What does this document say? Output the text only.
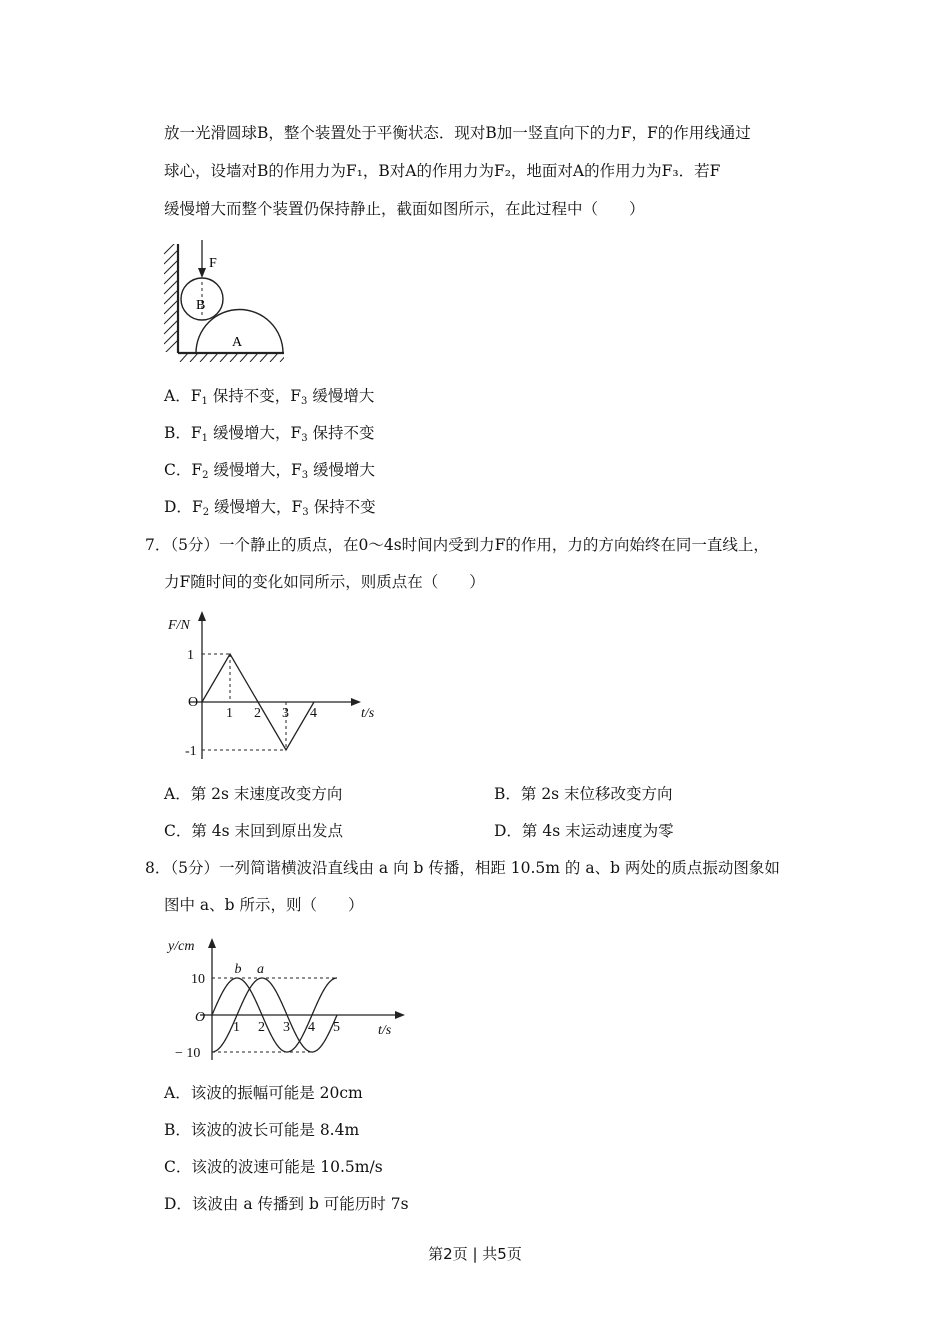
放一光滑圆球B，整个装置处于平衡状态．现对B加一竖直向下的力F，F的作用线通过
球心，设墙对B的作用力为F₁，B对A的作用力为F₂，地面对A的作用力为F₃．若F
缓慢增大而整个装置仍保持静止，截面如图所示，在此过程中（　　）
F
B
A
A．$F_1$ 保持不变，$F_3$ 缓慢增大
B．$F_1$ 缓慢增大，$F_3$ 保持不变
C．$F_2$ 缓慢增大，$F_3$ 缓慢增大
D．$F_2$ 缓慢增大，$F_3$ 保持不变
7．（5分）一个静止的质点，在0～4s时间内受到力F的作用，力的方向始终在同一直线上，
力F随时间的变化如同所示，则质点在（　　）
F/N
t/s
O
1
-1
1 2 3 4
A．第 2s 末速度改变方向	B．第 2s 末位移改变方向
C．第 4s 末回到原出发点	D．第 4s 末运动速度为零
8．（5分）一列简谐横波沿直线由 a 向 b 传播，相距 10.5m 的 a、b 两处的质点振动图象如
图中 a、b 所示，则（　　）
y/cm
t/s
O
10
− 10
1 2 3 4 5
b a
A．该波的振幅可能是 20cm
B．该波的波长可能是 8.4m
C．该波的波速可能是 10.5m/s
D．该波由 a 传播到 b 可能历时 7s
第2页 | 共5页
